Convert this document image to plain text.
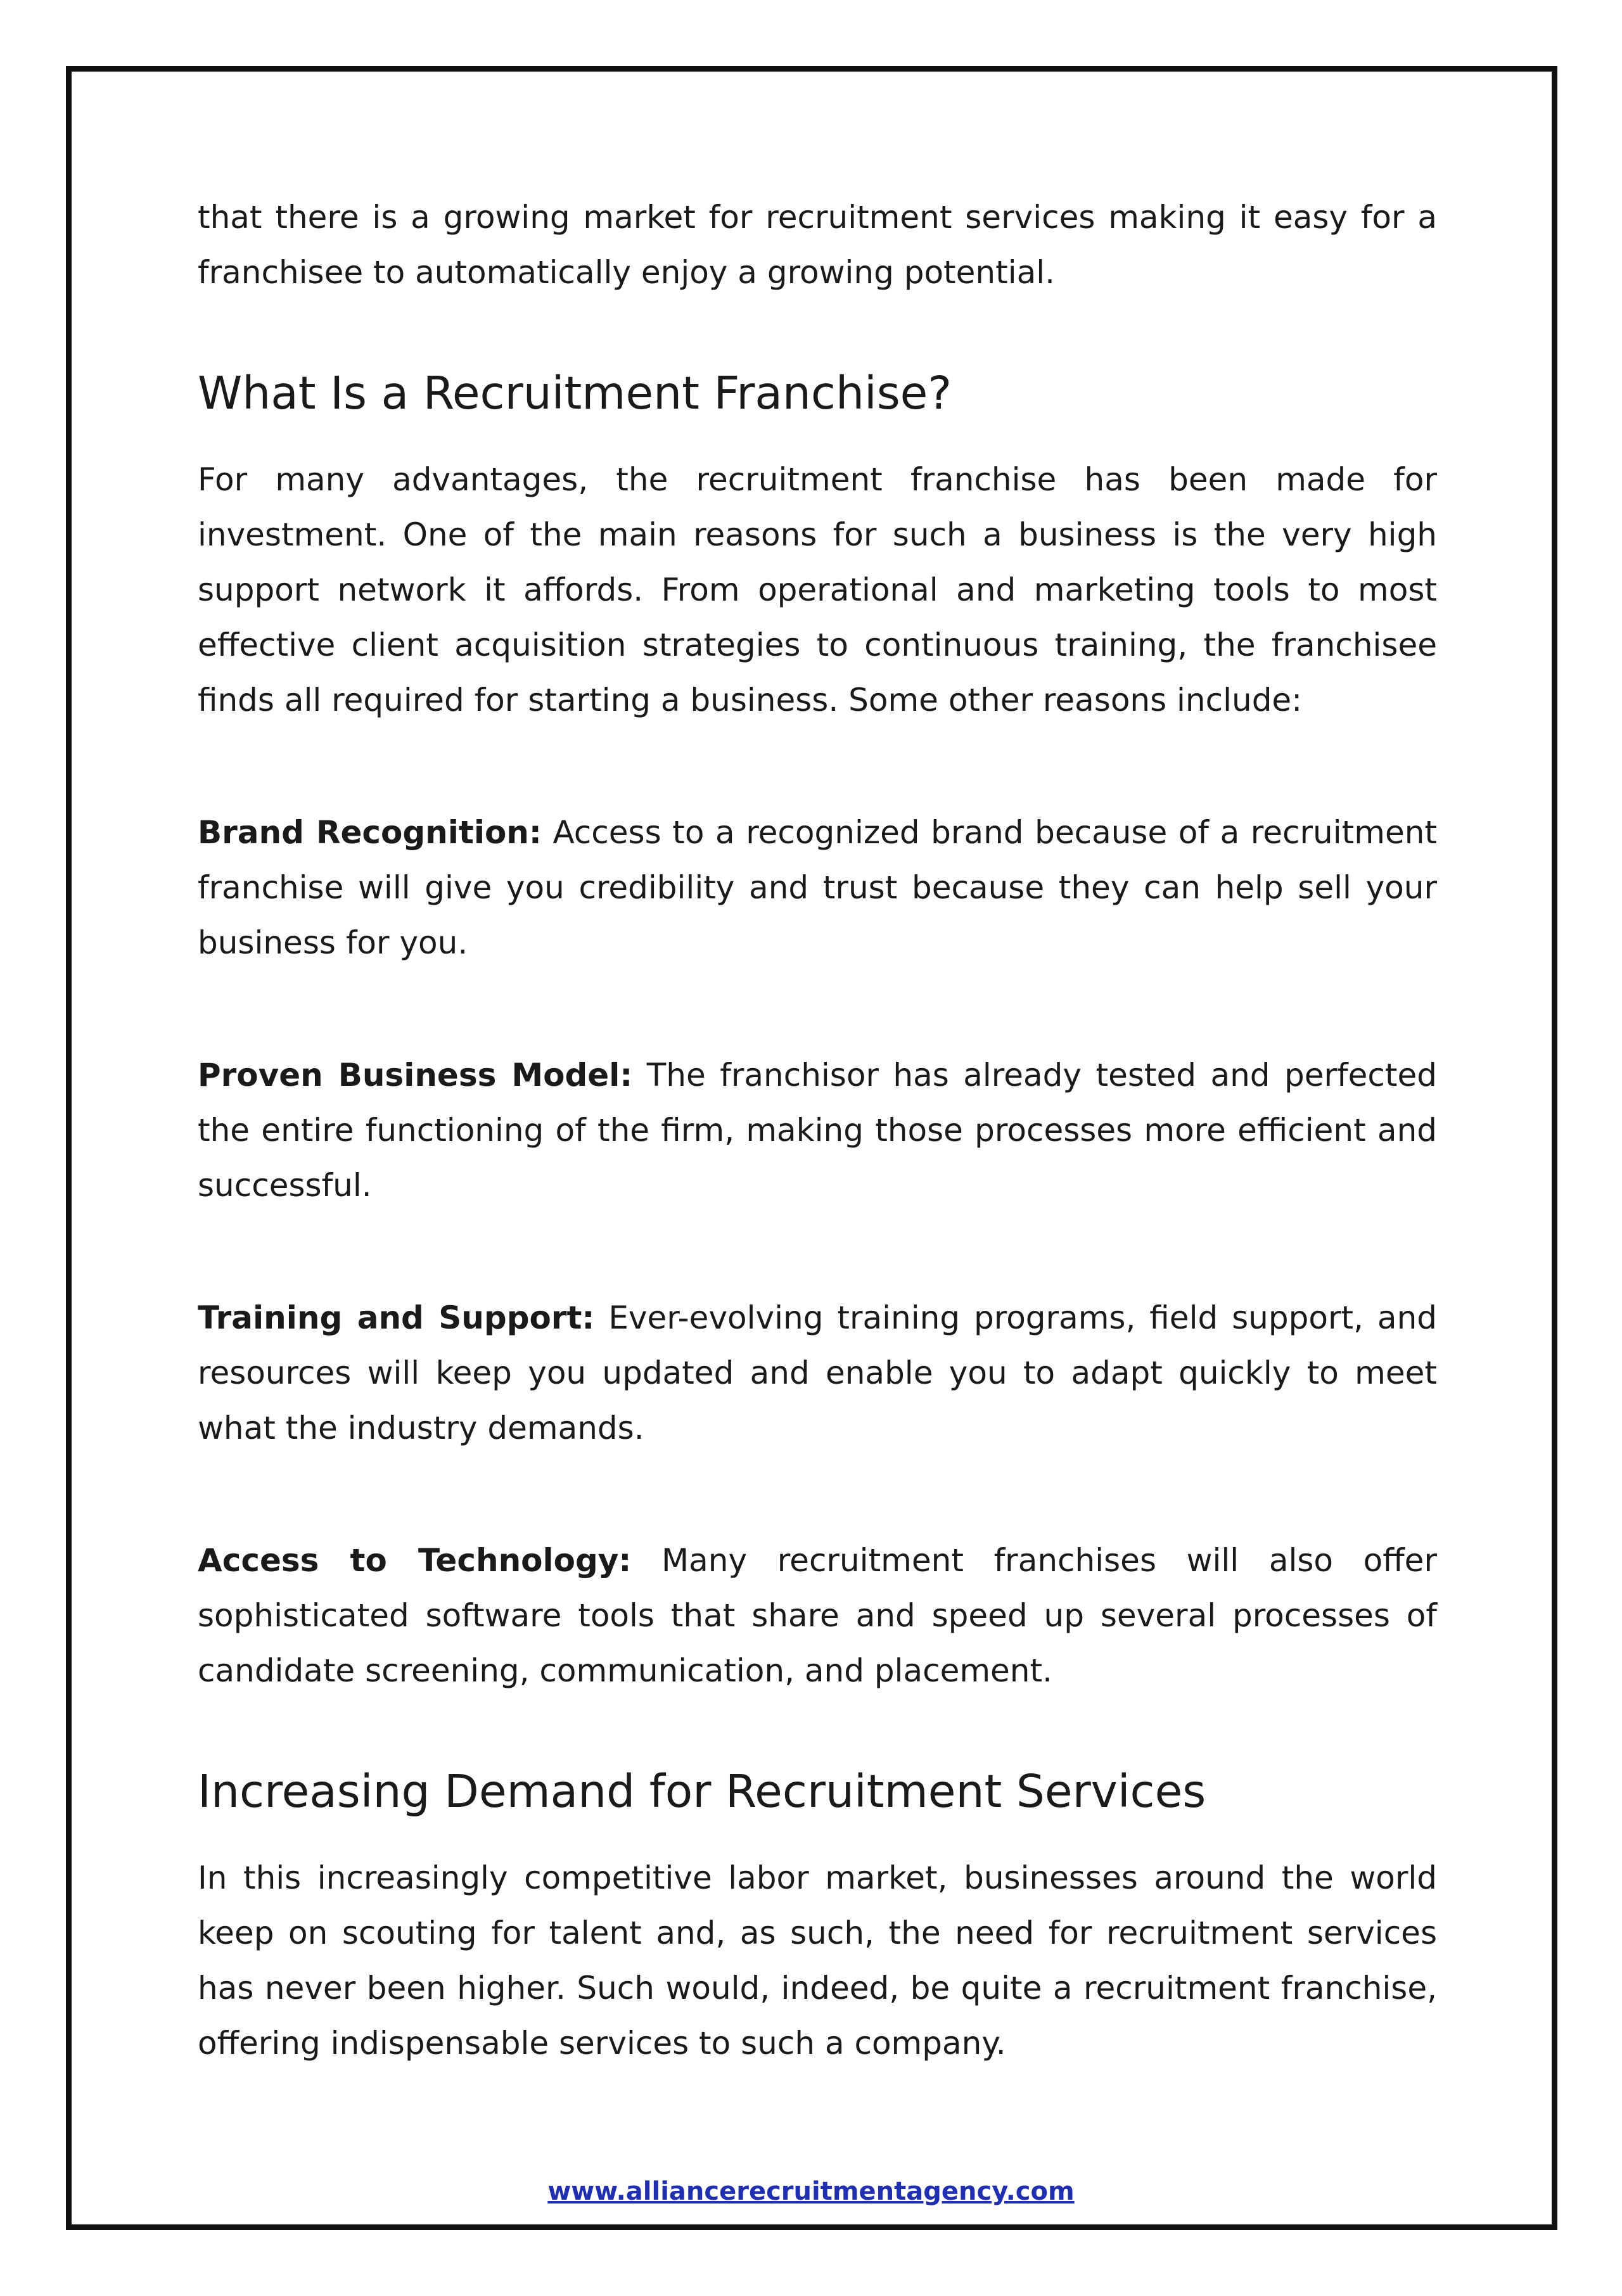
that there is a growing market for recruitment services making it easy for a franchisee to automatically enjoy a growing potential.

What Is a Recruitment Franchise?

For many advantages, the recruitment franchise has been made for investment. One of the main reasons for such a business is the very high support network it affords. From operational and marketing tools to most effective client acquisition strategies to continuous training, the franchisee finds all required for starting a business. Some other reasons include:

Brand Recognition: Access to a recognized brand because of a recruitment franchise will give you credibility and trust because they can help sell your business for you.

Proven Business Model: The franchisor has already tested and perfected the entire functioning of the firm, making those processes more efficient and successful.

Training and Support: Ever-evolving training programs, field support, and resources will keep you updated and enable you to adapt quickly to meet what the industry demands.

Access to Technology: Many recruitment franchises will also offer sophisticated software tools that share and speed up several processes of candidate screening, communication, and placement.

Increasing Demand for Recruitment Services

In this increasingly competitive labor market, businesses around the world keep on scouting for talent and, as such, the need for recruitment services has never been higher. Such would, indeed, be quite a recruitment franchise, offering indispensable services to such a company.

www.alliancerecruitmentagency.com
